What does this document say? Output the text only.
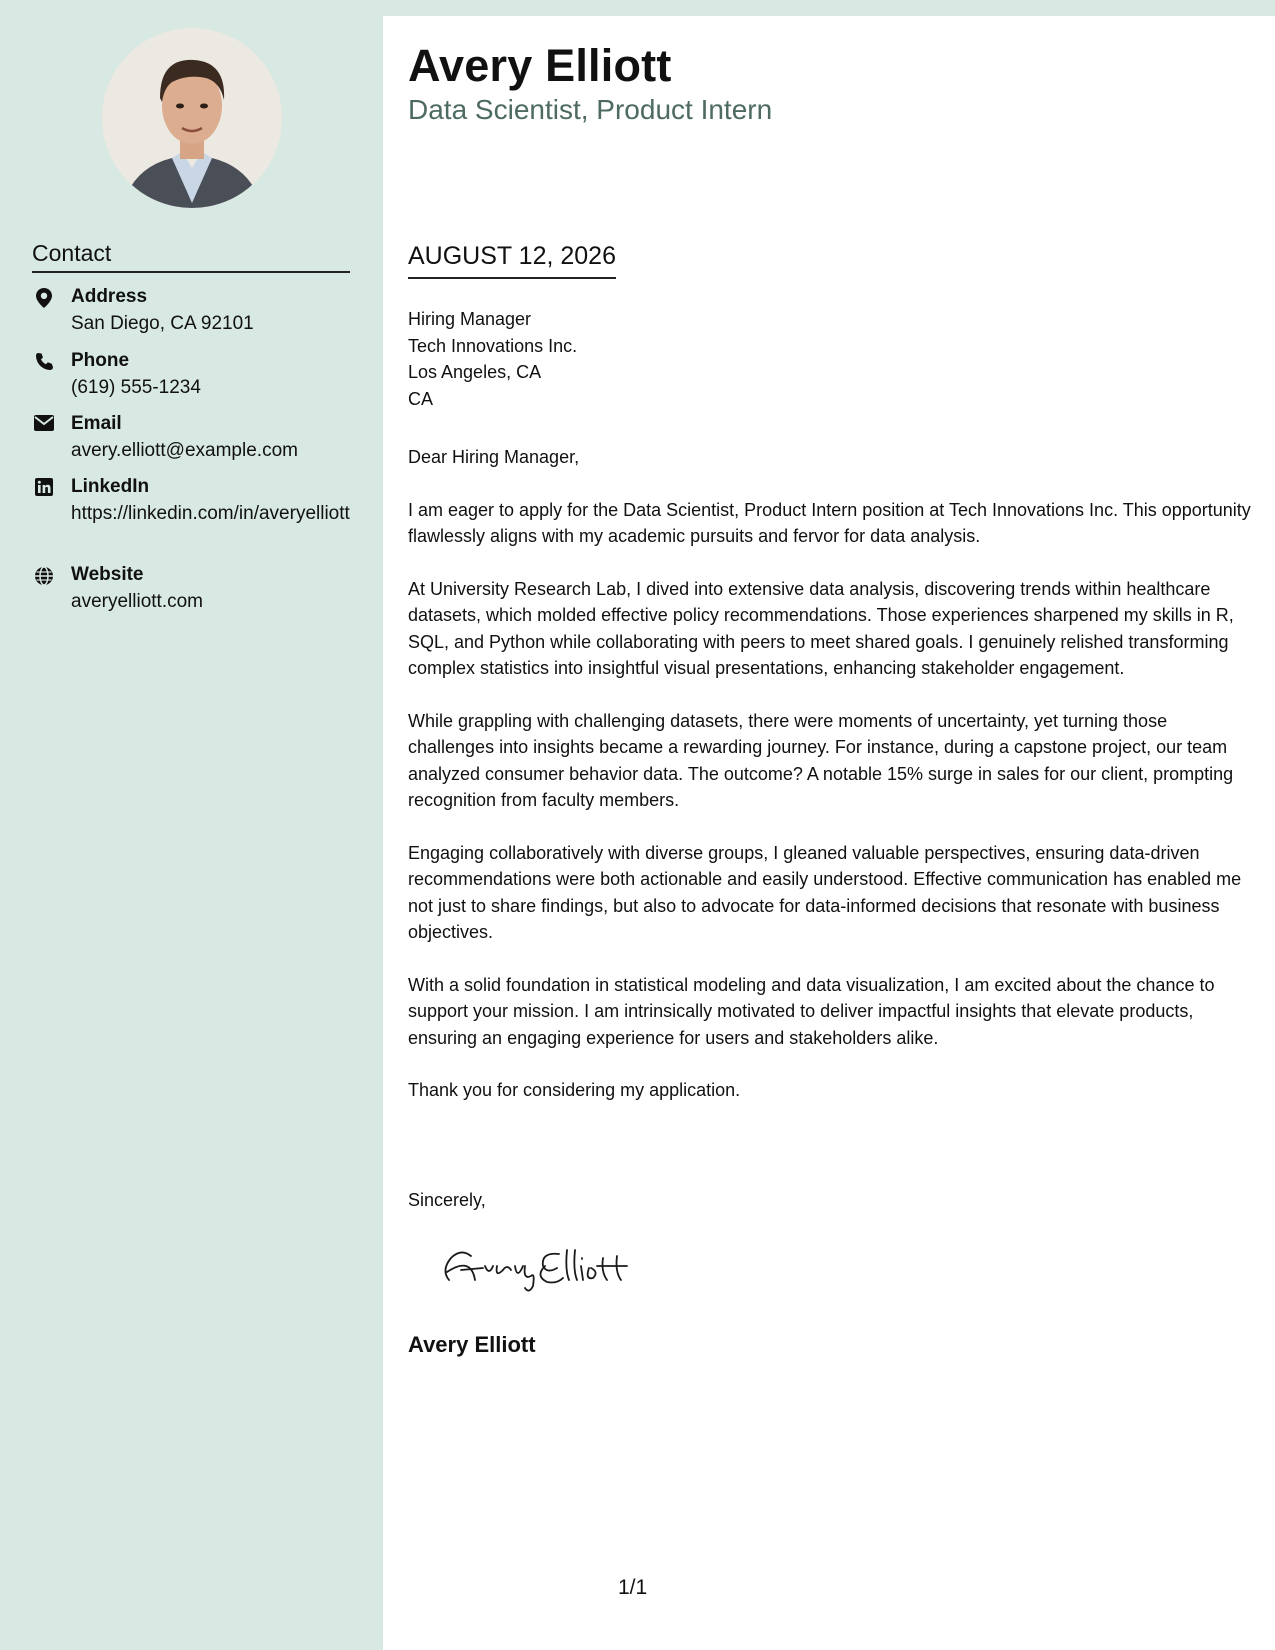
Contact
Address
San Diego, CA 92101
Phone
(619) 555-1234
Email
avery.elliott@example.com
LinkedIn
https://linkedin.com/in/averyelliott
Website
averyelliott.com
Avery Elliott
Data Scientist, Product Intern
AUGUST 12, 2026
Hiring Manager
Tech Innovations Inc.
Los Angeles, CA
CA

Dear Hiring Manager,

I am eager to apply for the Data Scientist, Product Intern position at Tech Innovations Inc. This opportunity flawlessly aligns with my academic pursuits and fervor for data analysis.

At University Research Lab, I dived into extensive data analysis, discovering trends within healthcare datasets, which molded effective policy recommendations. Those experiences sharpened my skills in R, SQL, and Python while collaborating with peers to meet shared goals. I genuinely relished transforming complex statistics into insightful visual presentations, enhancing stakeholder engagement.

While grappling with challenging datasets, there were moments of uncertainty, yet turning those challenges into insights became a rewarding journey. For instance, during a capstone project, our team analyzed consumer behavior data. The outcome? A notable 15% surge in sales for our client, prompting recognition from faculty members.

Engaging collaboratively with diverse groups, I gleaned valuable perspectives, ensuring data-driven recommendations were both actionable and easily understood. Effective communication has enabled me not just to share findings, but also to advocate for data-informed decisions that resonate with business objectives.

With a solid foundation in statistical modeling and data visualization, I am excited about the chance to support your mission. I am intrinsically motivated to deliver impactful insights that elevate products, ensuring an engaging experience for users and stakeholders alike.

Thank you for considering my application.

Sincerely,
Avery Elliott
1/1
